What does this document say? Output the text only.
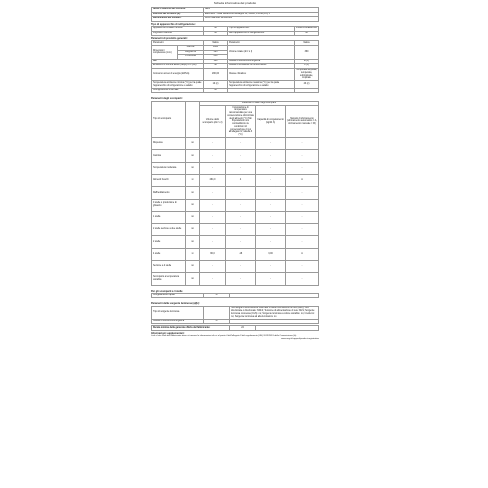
Scheda informativa del prodotto
Nome o marchio del fornitore:	AEG
Indirizzo del fornitore (b):	Electrolux - Viale Bottecchia Giuseppe 12, 33080, Porcia (PN) 1
Identificativo del modello:	RCB736E5MB 925993402
Tipo di apparecchio di refrigerazione:
Apparecchio a basso rumore:	no	Tipo di apparecchio:	a libera installazione
Frigorifero cantina:	no	Altro apparecchio di refrigerazione:	no
Parametri di prodotto generali:
Parametro		Valore	Parametro	Valore
Dimensioni complessive (mm)	Altezza	1860	Volume totale (dm³ o l)	360
	Larghezza	595		
	Profondità	650		
IEE		100	Classe di efficienza energetica	E (c)
Emissioni di rumore aereo (dB(A) re 1 pW)		42	Classe di emissione di rumore aereo	C (c)
Consumo annuo di energia (kWh/a)		296,00	Classe climatica:	Temperata ampliata, temperata, subtropicale, tropicale
Temperatura ambiente minima (°C) per la quale l'apparecchio di refrigerazione è adatto		10 (c)	Temperatura ambiente massima (°C) per la quale l'apparecchio di refrigerazione è adatto	43 (c)
Configurazione invernale		no		
Parametri degli scomparti:
Tipo di scomparto		Parametri e valori degli scomparti			
		Volume dello scomparto (dm³ o l)	Impostazione di temperatura raccomandata per una conservazione ottimizzata degli alimenti (°C) Tali impostazioni non contraddicono le condizioni di conservazione di cui all'allegato IV, tabella 3 (°C)	Capacità di congelamento (kg/24 h)	Metodo di sbrinamento (sbrinamento automatico = A, sbrinamento manuale = M)
Dispensa	no	-	-	-	-
Cantina	no	-	-	-	-
Temperatura moderata	no	-	-	-	-
Alimenti freschi	sì	264,0	4	-	A
Raffreddamento	no	-	-	-	-
0 stelle o produzione di ghiaccio	no	-	-	-	-
1 stella	no	-	-	-	-
2 stelle sezione a due stelle	no	-	-	-	-
2 stelle	no	-	-	-	-
4 stelle	sì	96,0	-18	3,00	A
Sezione a 2 stelle	no	-	-	-	-
Scomparto a temperatura variabile	no	-	-	-	-
Per gli scomparti a 4 stelle
Congelamento rapido	sì	
Parametri della sorgente luminosa (a)(b):
Tipo di sorgente luminosa		Tecnologia di illuminazione utilizzata: a diodo a emissione di luce (LED); Non direzionale o direzionale: NDLS; Tensione di alimentazione di rete: MLS; Sorgente luminosa connessa (CLS): no; Sorgente luminosa a colore variabile: no; Involucro: no; Sorgente luminosa ad alta luminanza: no
Classe di efficienza energetica	G	
Durata minima della garanzia offerta dal fabbricante:	24	
Informazioni supplementari:
Link al sito Web del fabbricante dove si trovano le informazioni di cui al punto 4 dell'allegato II del regolamento (UE) 2019/2019 della Commissione (b):
www.aeg.it/support/product-registration
